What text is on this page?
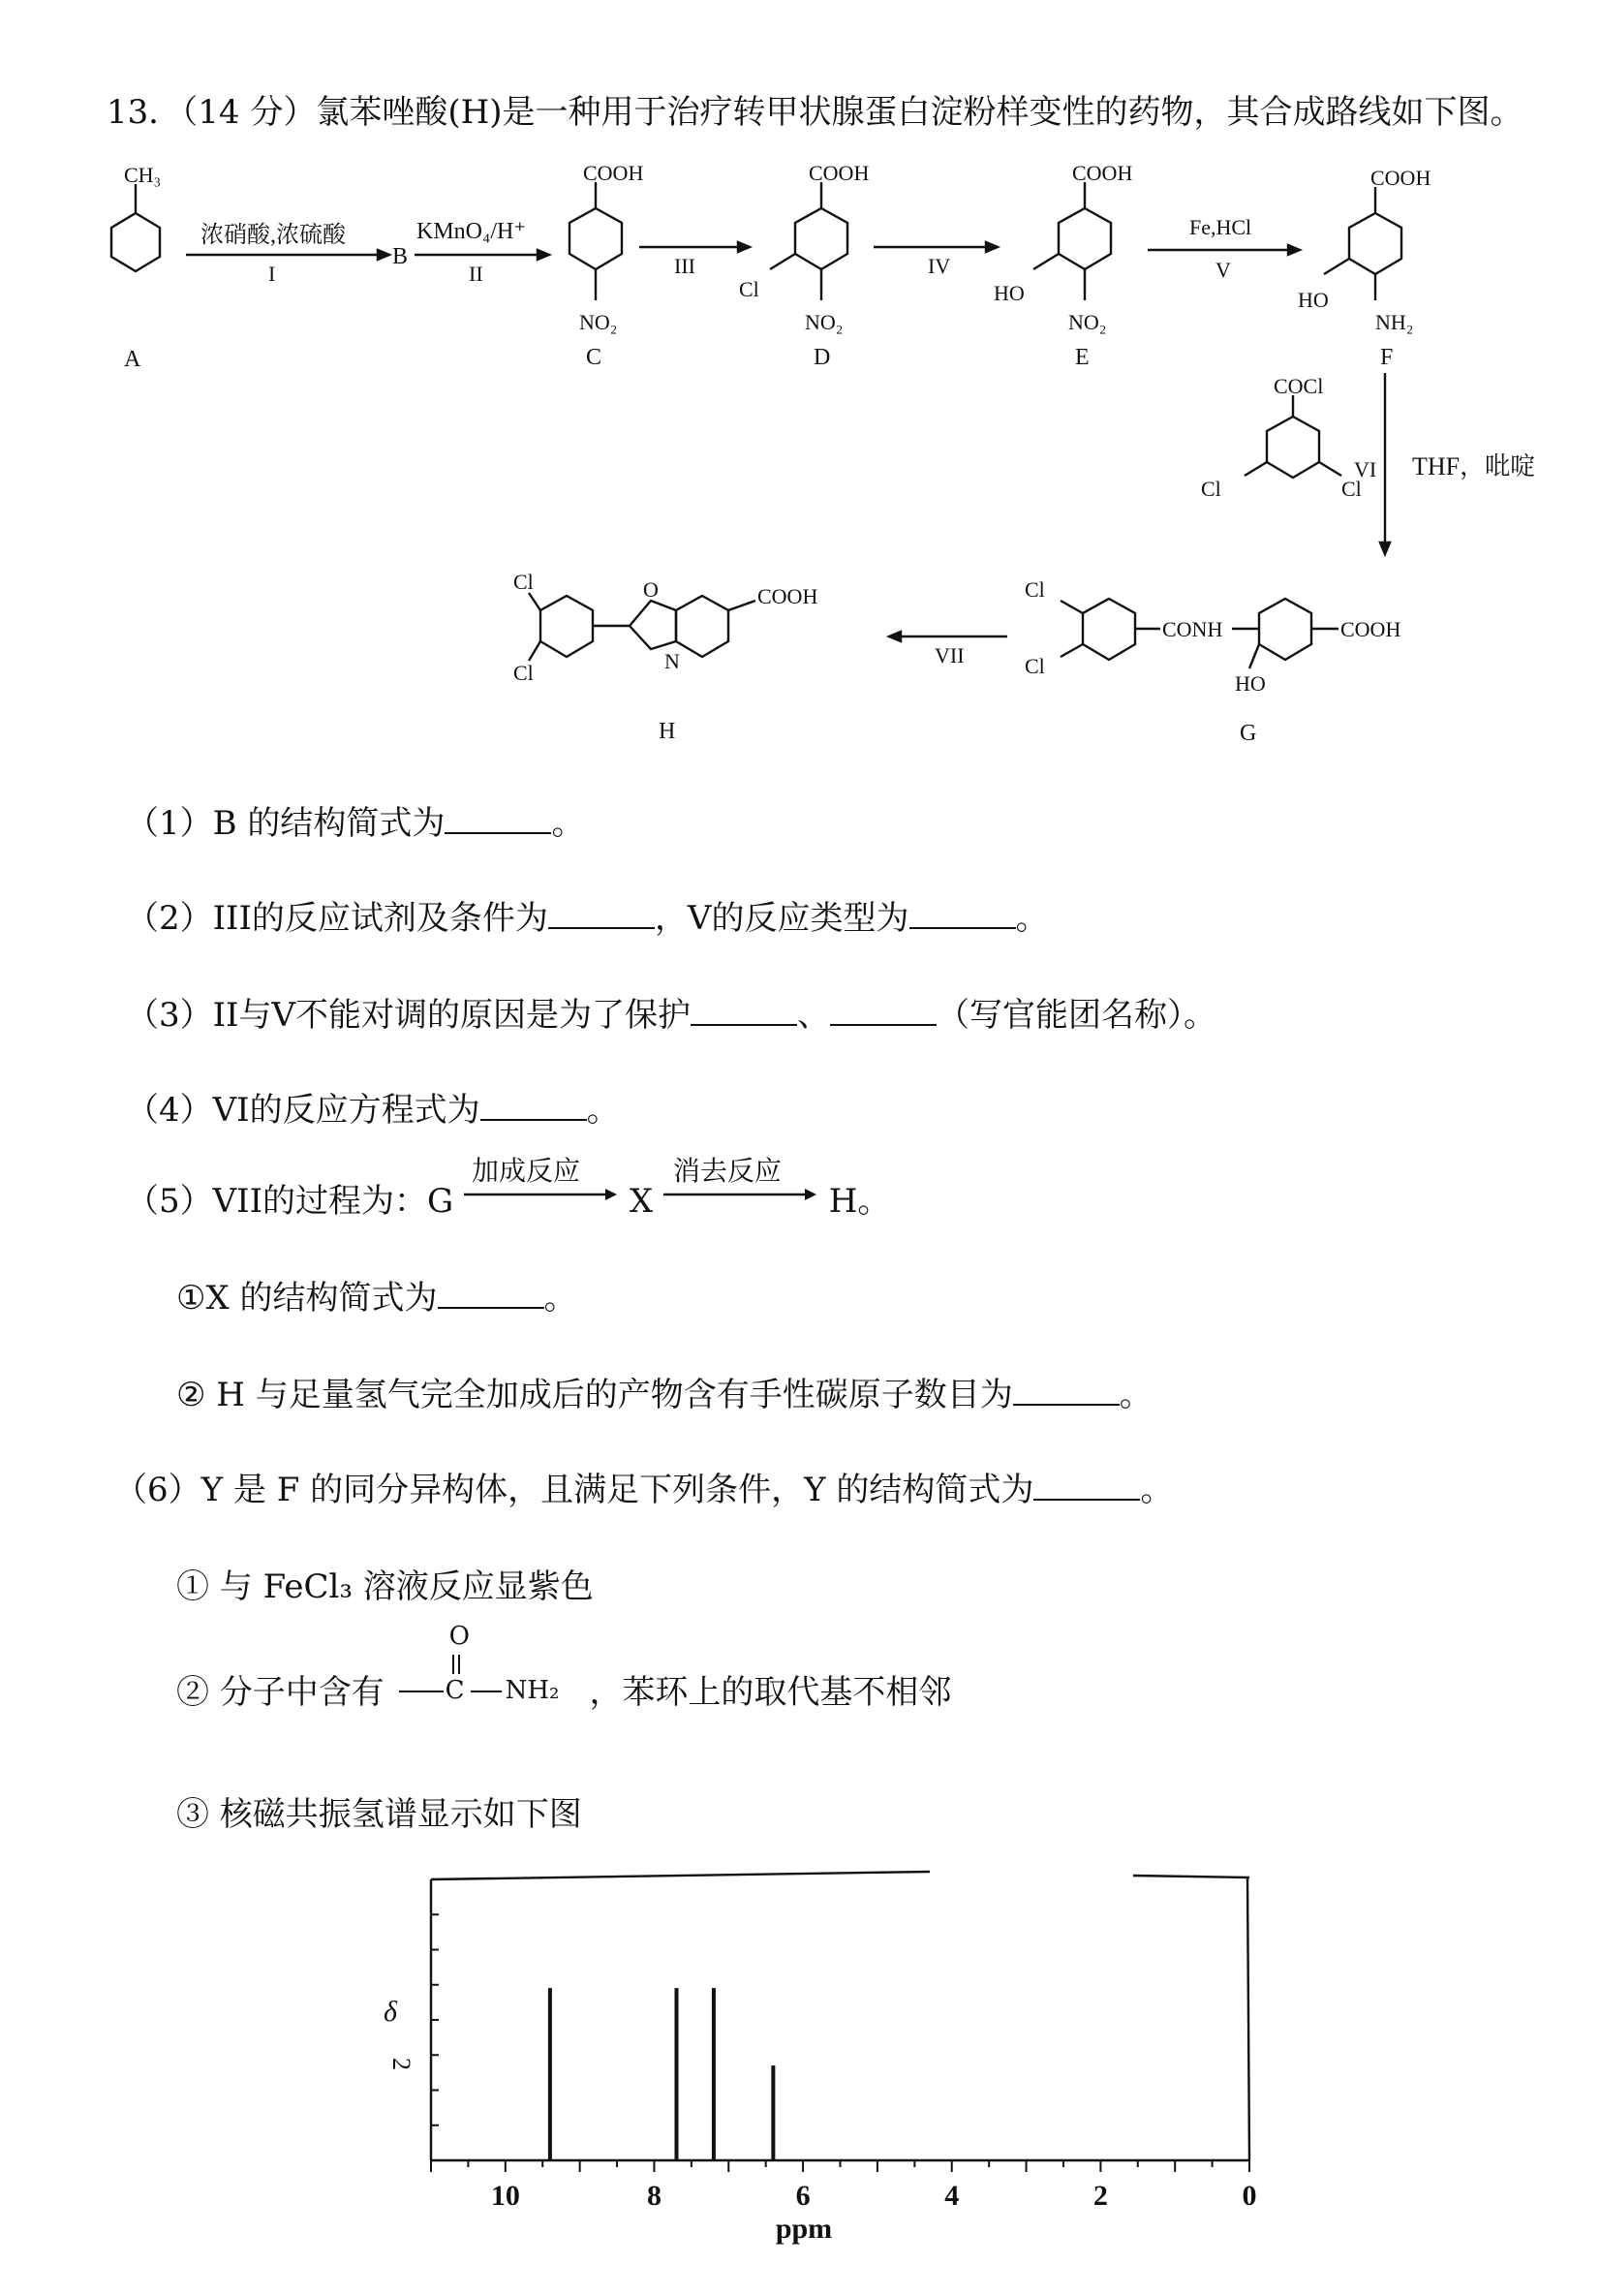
13．（14 分）氯苯唑酸(H)是一种用于治疗转甲状腺蛋白淀粉样变性的药物，其合成路线如下图。
CH₃
A
浓硝酸,浓硫酸
I
B
KMnO₄/H⁺
II
COOH
NO₂
C
III
COOH
Cl
NO₂
D
IV
COOH
HO
NO₂
E
Fe,HCl
V
COOH
HO
NH₂
F
VI THF，吡啶
COCl
Cl	Cl
Cl
Cl
CONH	COOH
HO
G
VII
Cl
Cl
O
N
COOH
H
（1）B 的结构简式为	。
（2）III的反应试剂及条件为	，V的反应类型为	。
（3）II与V不能对调的原因是为了保护	、	（写官能团名称）。
（4）VI的反应方程式为	。
（5）VII的过程为：G
加成反应
X
消去反应
H。
①X 的结构简式为	。
② H 与足量氢气完全加成后的产物含有手性碳原子数目为	。
（6）Y 是 F 的同分异构体，且满足下列条件，Y 的结构简式为	。
① 与 FeCl₃ 溶液反应显紫色
② 分子中含有
O
C NH₂ ，苯环上的取代基不相邻
③ 核磁共振氢谱显示如下图
δ
2
10	8	6	4	2	0
ppm
